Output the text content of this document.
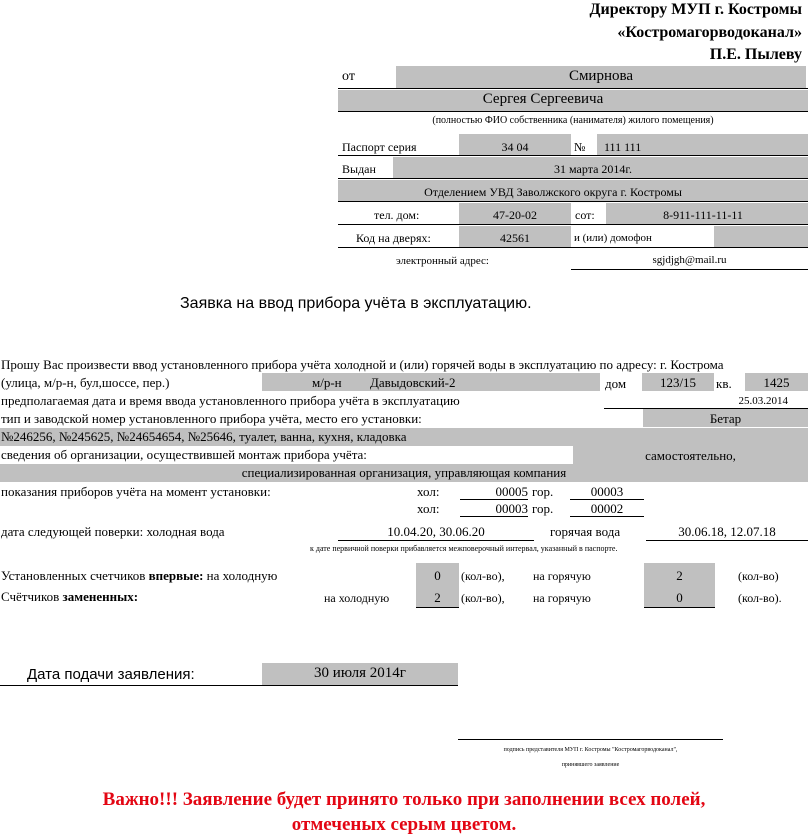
Директору МУП г. Костромы
«Костромагорводоканал»
П.Е. Пылеву
от	Смирнова
Сергея Сергеевича
(полностью ФИО собственника (нанимателя) жилого помещения)
Паспорт серия	34 04	№ 111 111
Выдан	31 марта 2014г.
Отделением УВД Заволжского округа г. Костромы
тел. дом:	47-20-02	сот:	8-911-111-11-11
Код на дверях:	42561	и (или) домофон
электронный адрес:	sgjdjgh@mail.ru
Заявка на ввод прибора учёта в эксплуатацию.
Прошу Вас произвести ввод установленного прибора учёта холодной и (или) горячей воды в эксплуатацию по адресу: г. Кострома
(улица, м/р-н, бул,шоссе, пер.)	м/р-н Давыдовский-2	дом	123/15	кв.	1425
предполагаемая дата и время ввода установленного прибора учёта в эксплуатацию	25.03.2014
тип и заводской номер установленного прибора учёта, место его установки:	Бетар
№246256, №245625, №24654654, №25646, туалет, ванна, кухня, кладовка
сведения об организации, осуществившей монтаж прибора учёта:	самостоятельно,
специализированная организация, управляющая компания
показания приборов учёта на момент установки:	хол:	00005 гор.	00003
хол:	00003 гор.	00002
дата следующей поверки: холодная вода	10.04.20, 30.06.20	горячая вода	30.06.18, 12.07.18
к дате первичной поверки прибавляется межповерочный интервал, указанный в паспорте.
Установленных счетчиков впервые: на холодную	0	(кол-во), на горячую	2	(кол-во)
Счётчиков замененных:	на холодную	2	(кол-во), на горячую	0	(кол-во).
Дата подачи заявления:	30 июля 2014г
подпись представителя МУП г. Костромы "Костромагорводоканал",
принявшего заявление
Важно!!! Заявление будет принято только при заполнении всех полей,
отмеченых серым цветом.
